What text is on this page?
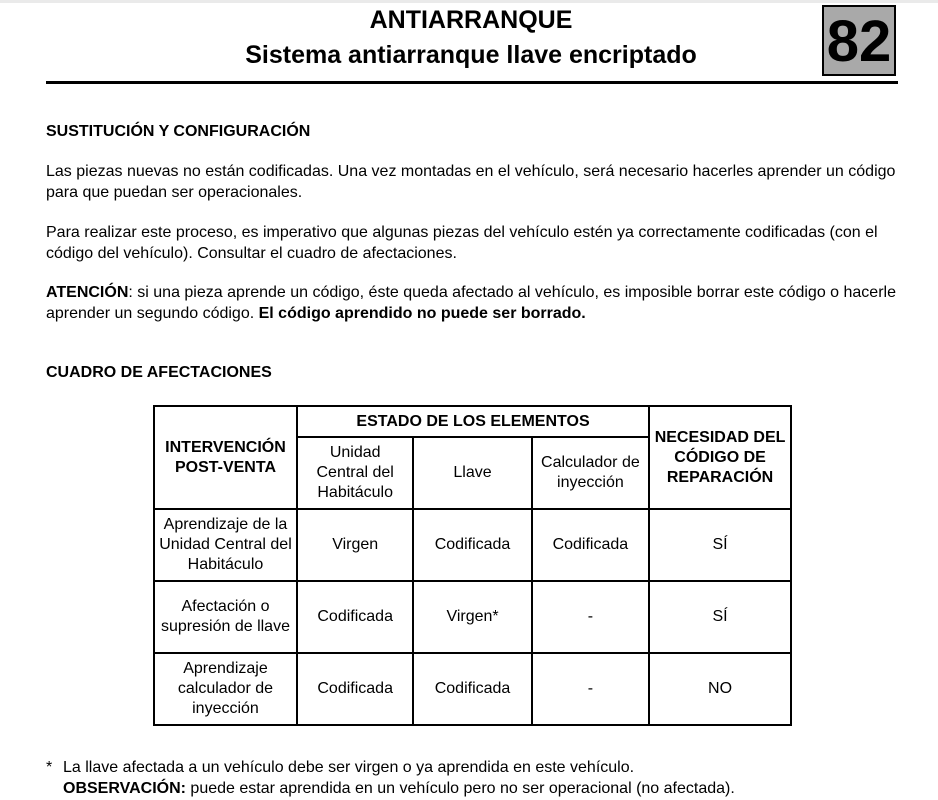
ANTIARRANQUE
Sistema antiarranque llave encriptado	82
SUSTITUCIÓN Y CONFIGURACIÓN
Las piezas nuevas no están codificadas. Una vez montadas en el vehículo, será necesario hacerles aprender un código para que puedan ser operacionales.
Para realizar este proceso, es imperativo que algunas piezas del vehículo estén ya correctamente codificadas (con el código del vehículo). Consultar el cuadro de afectaciones.
ATENCIÓN: si una pieza aprende un código, éste queda afectado al vehículo, es imposible borrar este código o hacerle aprender un segundo código. El código aprendido no puede ser borrado.
CUADRO DE AFECTACIONES
INTERVENCIÓN POST-VENTA	ESTADO DE LOS ELEMENTOS			NECESIDAD DEL CÓDIGO DE REPARACIÓN
	Unidad Central del Habitáculo	Llave	Calculador de inyección	
Aprendizaje de la Unidad Central del Habitáculo	Virgen	Codificada	Codificada	SÍ
Afectación o supresión de llave	Codificada	Virgen*	-	SÍ
Aprendizaje calculador de inyección	Codificada	Codificada	-	NO
* La llave afectada a un vehículo debe ser virgen o ya aprendida en este vehículo.
OBSERVACIÓN: puede estar aprendida en un vehículo pero no ser operacional (no afectada).
